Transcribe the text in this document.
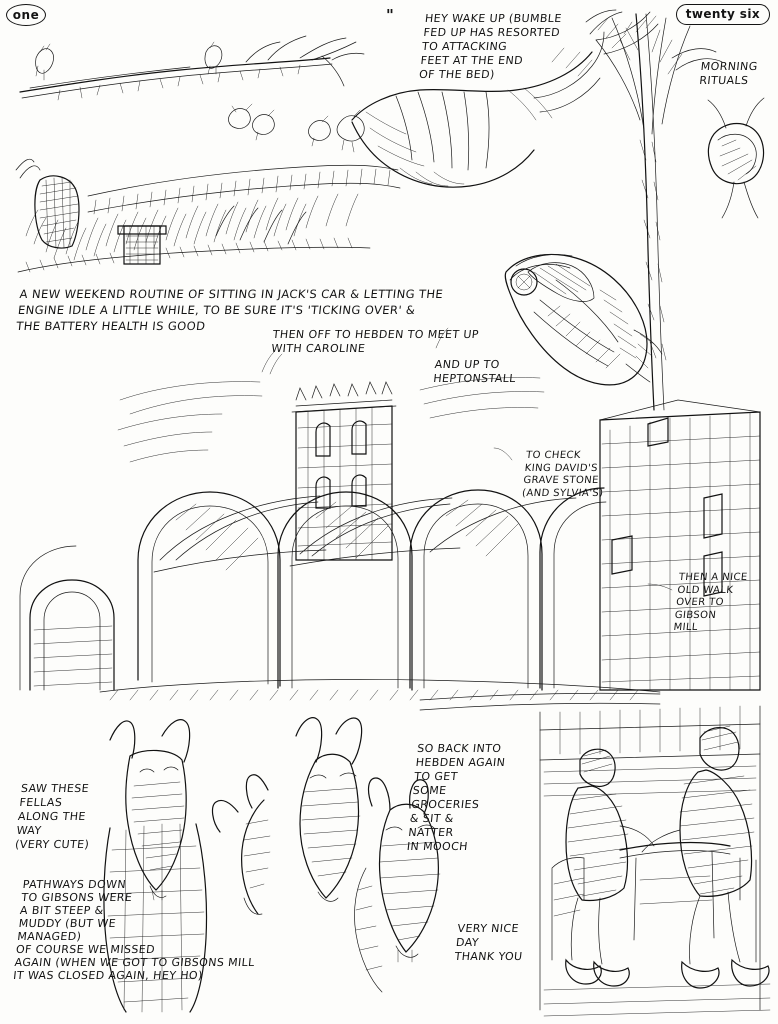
one	twenty six
"	HEY WAKE UP (BUMBLE
FED UP HAS RESORTED
TO ATTACKING
FEET AT THE END
OF THE BED)
MORNING
RITUALS
A NEW WEEKEND ROUTINE OF SITTING IN JACK'S CAR & LETTING THE
ENGINE IDLE A LITTLE WHILE, TO BE SURE IT'S 'TICKING OVER' &
THE BATTERY HEALTH IS GOOD
THEN OFF TO HEBDEN TO MEET UP
WITH CAROLINE
AND UP TO
HEPTONSTALL
TO CHECK
KING DAVID'S
GRAVE STONE
(AND SYLVIA'S)
THEN A NICE
OLD WALK
OVER TO
GIBSON
MILL
SO BACK INTO
HEBDEN AGAIN
TO GET
SOME
GROCERIES
& SIT &
NATTER
IN MOOCH
SAW THESE
FELLAS
ALONG THE
WAY
(VERY CUTE)
PATHWAYS DOWN
TO GIBSONS WERE
A BIT STEEP &
MUDDY (BUT WE
MANAGED)
OF COURSE WE MISSED
AGAIN (WHEN WE GOT TO GIBSONS MILL
IT WAS CLOSED AGAIN, HEY HO)
VERY NICE
DAY
THANK YOU
